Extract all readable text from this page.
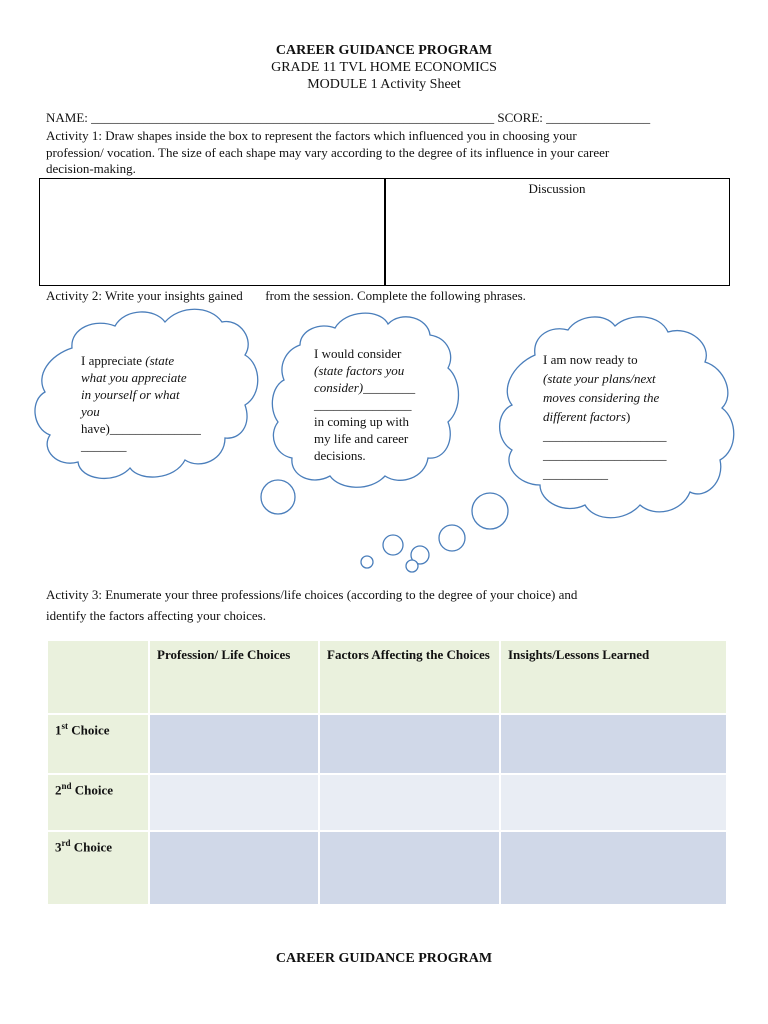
CAREER GUIDANCE PROGRAM
GRADE 11 TVL HOME ECONOMICS
MODULE 1 Activity Sheet
NAME: ______________________________________________________________ SCORE: ________________
Activity 1: Draw shapes inside the box to represent the factors which influenced you in choosing your
profession/ vocation. The size of each shape may vary according to the degree of its influence in your career
decision-making.
Discussion
Activity 2: Write your insights gained from the session. Complete the following phrases.
I appreciate (state
what you appreciate
in yourself or what
you
have)______________
_______
I would consider
(state factors you
consider)________
_______________
in coming up with
my life and career
decisions.
I am now ready to
(state your plans/next
moves considering the
different factors)
___________________
___________________
__________
Activity 3: Enumerate your three professions/life choices (according to the degree of your choice) and
identify the factors affecting your choices.
	Profession/ Life Choices	Factors Affecting the Choices	Insights/Lessons Learned
1st Choice			
2nd Choice			
3rd Choice			
CAREER GUIDANCE PROGRAM
